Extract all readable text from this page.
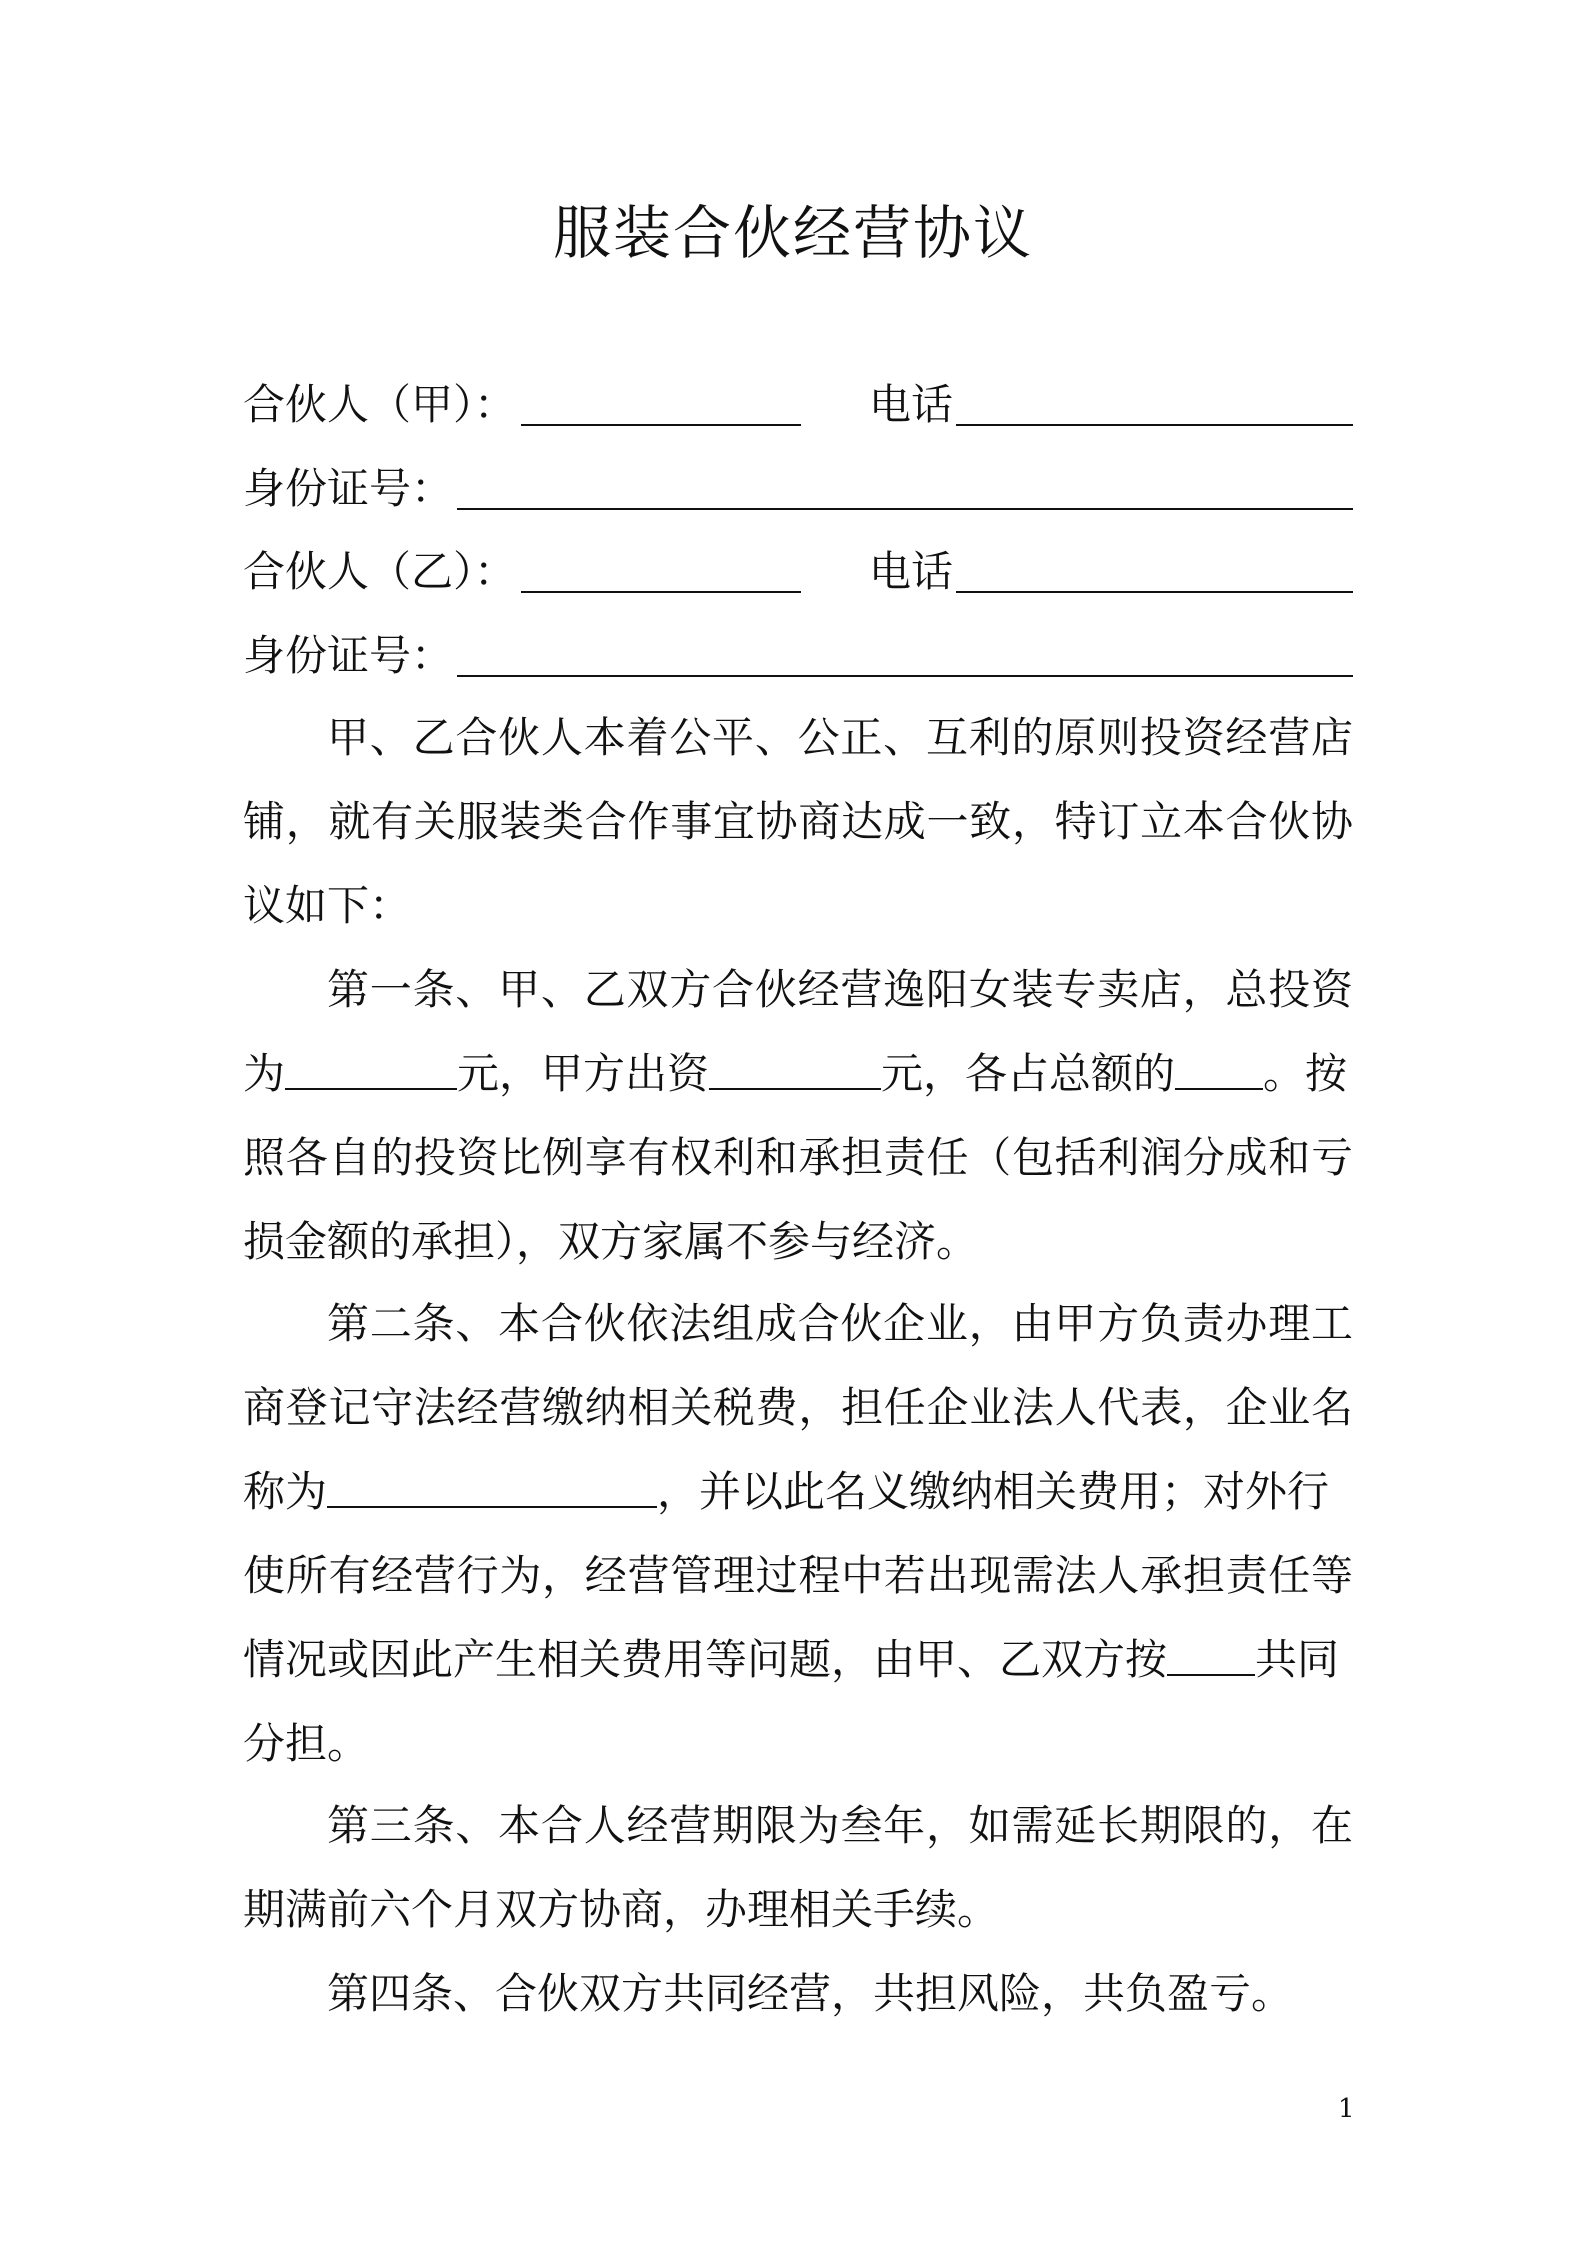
服装合伙经营协议
合伙人（甲）：	电话
身份证号：
合伙人（乙）：	电话
身份证号：
甲、乙合伙人本着公平、公正、互利的原则投资经营店
铺，就有关服装类合作事宜协商达成一致，特订立本合伙协
议如下：
第一条、甲、乙双方合伙经营逸阳女装专卖店，总投资
为	元，甲方出资	元，各占总额的 。按
照各自的投资比例享有权利和承担责任（包括利润分成和亏
损金额的承担），双方家属不参与经济。
第二条、本合伙依法组成合伙企业，由甲方负责办理工
商登记守法经营缴纳相关税费，担任企业法人代表，企业名
称为	，并以此名义缴纳相关费用；对外行
使所有经营行为，经营管理过程中若出现需法人承担责任等
情况或因此产生相关费用等问题，由甲、乙双方按 共同
分担。
第三条、本合人经营期限为叁年，如需延长期限的，在
期满前六个月双方协商，办理相关手续。
第四条、合伙双方共同经营，共担风险，共负盈亏。
1
